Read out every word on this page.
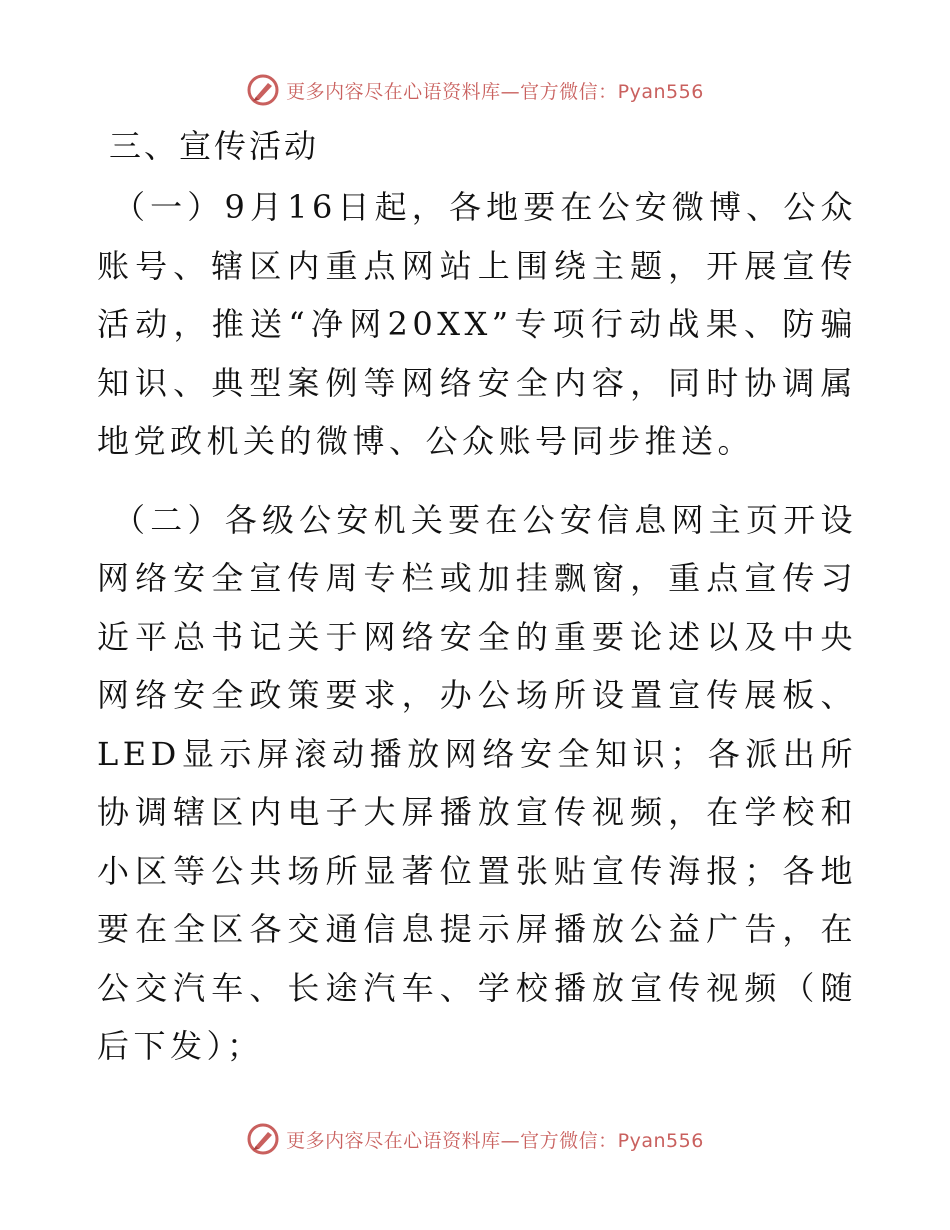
更多内容尽在心语资料库—官方微信：Pyan556
三、宣传活动

（一）9月16日起，各地要在公安微博、公众账号、辖区内重点网站上围绕主题，开展宣传活动，推送“净网20XX”专项行动战果、防骗知识、典型案例等网络安全内容，同时协调属地党政机关的微博、公众账号同步推送。

（二）各级公安机关要在公安信息网主页开设网络安全宣传周专栏或加挂飘窗，重点宣传习近平总书记关于网络安全的重要论述以及中央网络安全政策要求，办公场所设置宣传展板、LED显示屏滚动播放网络安全知识；各派出所协调辖区内电子大屏播放宣传视频，在学校和小区等公共场所显著位置张贴宣传海报；各地要在全区各交通信息提示屏播放公益广告，在公交汽车、长途汽车、学校播放宣传视频（随后下发）；

更多内容尽在心语资料库—官方微信：Pyan556
